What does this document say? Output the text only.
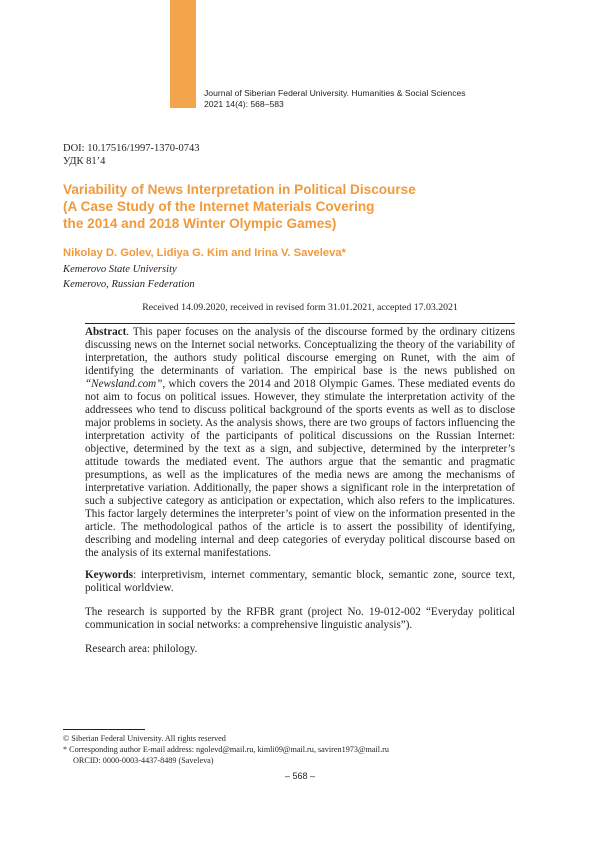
Journal of Siberian Federal University. Humanities & Social Sciences
2021 14(4): 568–583
DOI: 10.17516/1997-1370-0743
УДК 81’4
Variability of News Interpretation in Political Discourse
(A Case Study of the Internet Materials Covering
the 2014 and 2018 Winter Olympic Games)
Nikolay D. Golev, Lidiya G. Kim and Irina V. Saveleva*
Kemerovo State University
Kemerovo, Russian Federation
Received 14.09.2020, received in revised form 31.01.2021, accepted 17.03.2021

Abstract. This paper focuses on the analysis of the discourse formed by the ordinary citizens discussing news on the Internet social networks. Conceptualizing the theory of the variability of interpretation, the authors study political discourse emerging on Runet, with the aim of identifying the determinants of variation. The empirical base is the news published on “Newsland.com”, which covers the 2014 and 2018 Olympic Games. These mediated events do not aim to focus on political issues. However, they stimulate the interpretation activity of the addressees who tend to discuss political background of the sports events as well as to disclose major problems in society. As the analysis shows, there are two groups of factors influencing the interpretation activity of the participants of political discussions on the Russian Internet: objective, determined by the text as a sign, and subjective, determined by the interpreter’s attitude towards the mediated event. The authors argue that the semantic and pragmatic presumptions, as well as the implicatures of the media news are among the mechanisms of interpretative variation. Additionally, the paper shows a significant role in the interpretation of such a subjective category as anticipation or expectation, which also refers to the implicatures. This factor largely determines the interpreter’s point of view on the information presented in the article. The methodological pathos of the article is to assert the possibility of identifying, describing and modeling internal and deep categories of everyday political discourse based on the analysis of its external manifestations.

Keywords: interpretivism, internet commentary, semantic block, semantic zone, source text, political worldview.

The research is supported by the RFBR grant (project No. 19-012-002 “Everyday political communication in social networks: a comprehensive linguistic analysis”).

Research area: philology.

© Siberian Federal University. All rights reserved
* Corresponding author E-mail address: ngolevd@mail.ru, kimli09@mail.ru, saviren1973@mail.ru
ORCID: 0000-0003-4437-8489 (Saveleva)
– 568 –
